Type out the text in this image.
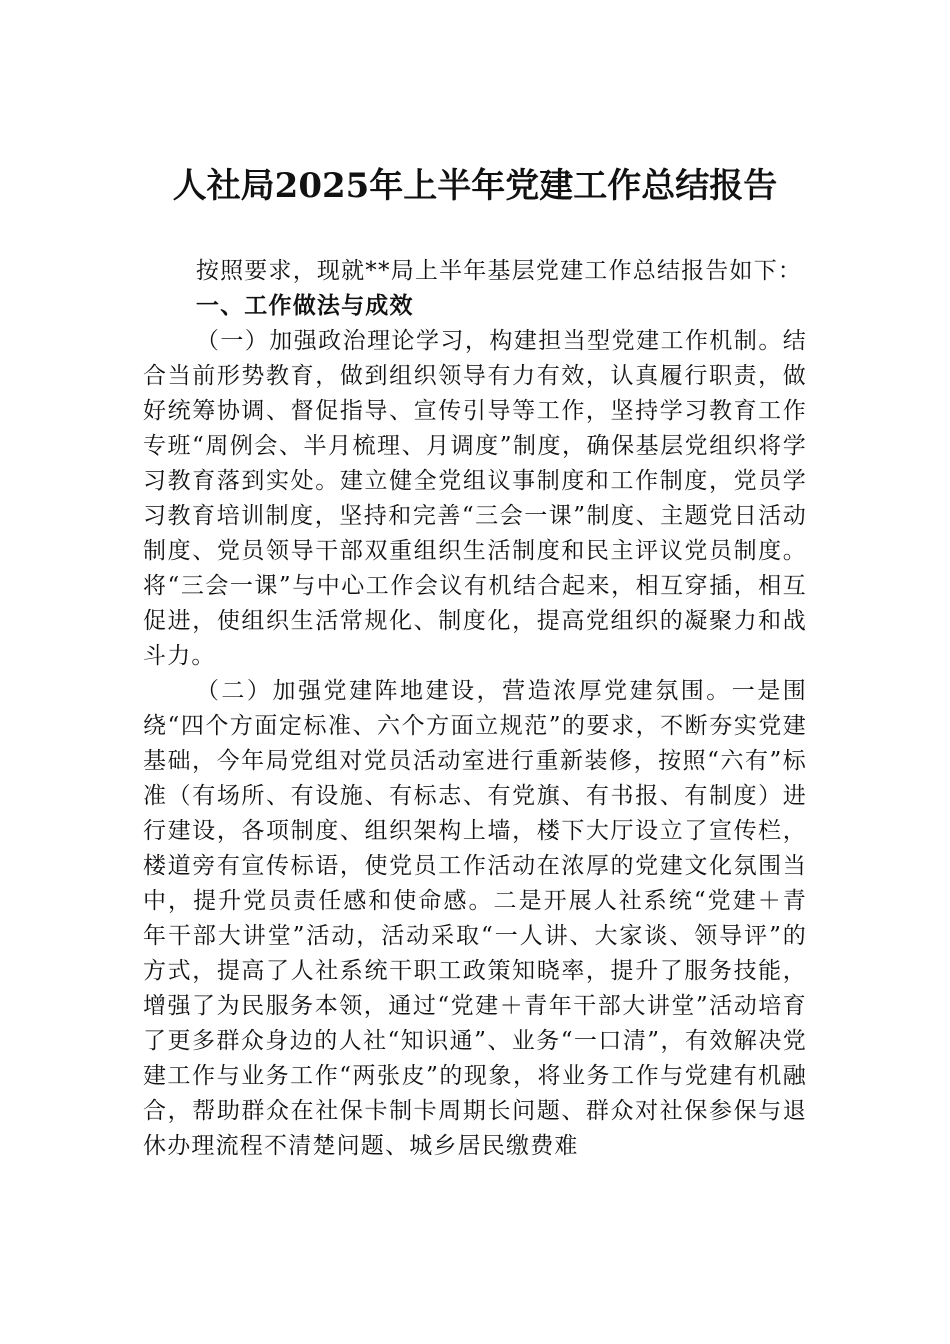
人社局2025年上半年党建工作总结报告

按照要求，现就**局上半年基层党建工作总结报告如下：

一、工作做法与成效

（一）加强政治理论学习，构建担当型党建工作机制。结合当前形势教育，做到组织领导有力有效，认真履行职责，做好统筹协调、督促指导、宣传引导等工作，坚持学习教育工作专班“周例会、半月梳理、月调度”制度，确保基层党组织将学习教育落到实处。建立健全党组议事制度和工作制度，党员学习教育培训制度，坚持和完善“三会一课”制度、主题党日活动制度、党员领导干部双重组织生活制度和民主评议党员制度。将“三会一课”与中心工作会议有机结合起来，相互穿插，相互促进，使组织生活常规化、制度化，提高党组织的凝聚力和战斗力。

（二）加强党建阵地建设，营造浓厚党建氛围。一是围绕“四个方面定标准、六个方面立规范”的要求，不断夯实党建基础，今年局党组对党员活动室进行重新装修，按照“六有”标准（有场所、有设施、有标志、有党旗、有书报、有制度）进行建设，各项制度、组织架构上墙，楼下大厅设立了宣传栏，楼道旁有宣传标语，使党员工作活动在浓厚的党建文化氛围当中，提升党员责任感和使命感。二是开展人社系统“党建＋青年干部大讲堂”活动，活动采取“一人讲、大家谈、领导评”的方式，提高了人社系统干职工政策知晓率，提升了服务技能，增强了为民服务本领，通过“党建＋青年干部大讲堂”活动培育了更多群众身边的人社“知识通”、业务“一口清”，有效解决党建工作与业务工作“两张皮”的现象，将业务工作与党建有机融合，帮助群众在社保卡制卡周期长问题、群众对社保参保与退休办理流程不清楚问题、城乡居民缴费难
